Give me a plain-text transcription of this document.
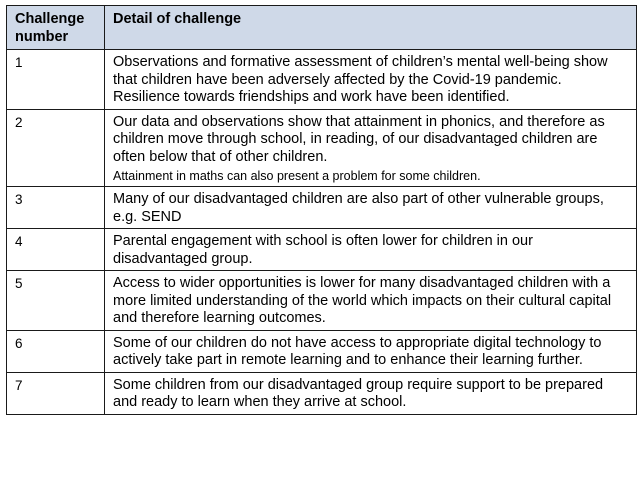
Challenge number	Detail of challenge
1	Observations and formative assessment of children’s mental well-being show that children have been adversely affected by the Covid-19 pandemic. Resilience towards friendships and work have been identified.
2	Our data and observations show that attainment in phonics, and therefore as children move through school, in reading, of our disadvantaged children are often below that of other children.
Attainment in maths can also present a problem for some children.

3	Many of our disadvantaged children are also part of other vulnerable groups, e.g. SEND
4	Parental engagement with school is often lower for children in our disadvantaged group.
5	Access to wider opportunities is lower for many disadvantaged children with a more limited understanding of the world which impacts on their cultural capital and therefore learning outcomes.
6	Some of our children do not have access to appropriate digital technology to actively take part in remote learning and to enhance their learning further.
7	Some children from our disadvantaged group require support to be prepared and ready to learn when they arrive at school.
